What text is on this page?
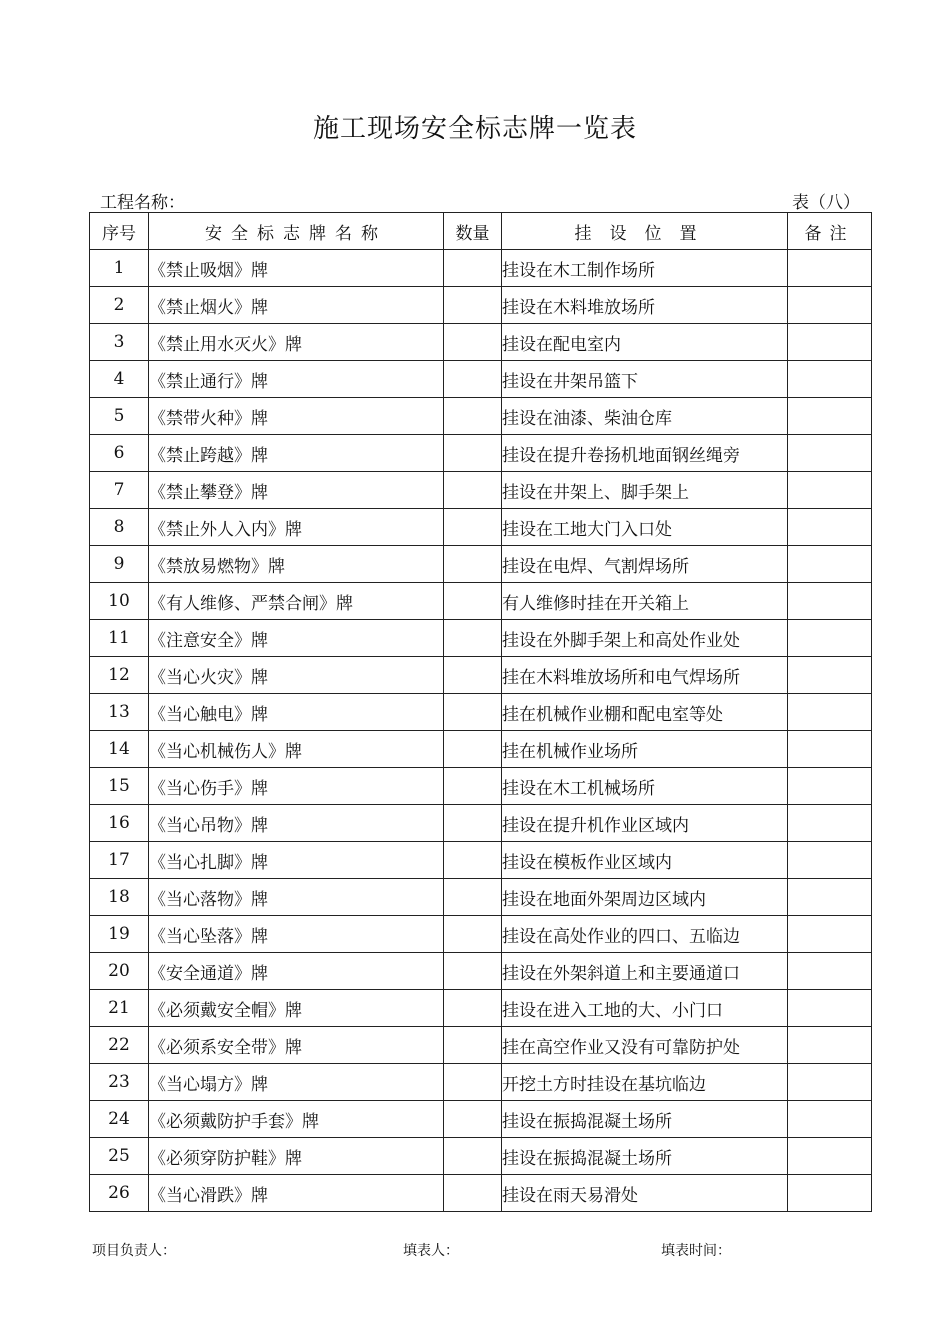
施工现场安全标志牌一览表
工程名称：	表（八）
序号	安全标志牌名称	数量	挂设位置	备注
1	《禁止吸烟》牌		挂设在木工制作场所	
2	《禁止烟火》牌		挂设在木料堆放场所	
3	《禁止用水灭火》牌		挂设在配电室内	
4	《禁止通行》牌		挂设在井架吊篮下	
5	《禁带火种》牌		挂设在油漆、柴油仓库	
6	《禁止跨越》牌		挂设在提升卷扬机地面钢丝绳旁	
7	《禁止攀登》牌		挂设在井架上、脚手架上	
8	《禁止外人入内》牌		挂设在工地大门入口处	
9	《禁放易燃物》牌		挂设在电焊、气割焊场所	
10	《有人维修、严禁合闸》牌		有人维修时挂在开关箱上	
11	《注意安全》牌		挂设在外脚手架上和高处作业处	
12	《当心火灾》牌		挂在木料堆放场所和电气焊场所	
13	《当心触电》牌		挂在机械作业棚和配电室等处	
14	《当心机械伤人》牌		挂在机械作业场所	
15	《当心伤手》牌		挂设在木工机械场所	
16	《当心吊物》牌		挂设在提升机作业区域内	
17	《当心扎脚》牌		挂设在模板作业区域内	
18	《当心落物》牌		挂设在地面外架周边区域内	
19	《当心坠落》牌		挂设在高处作业的四口、五临边	
20	《安全通道》牌		挂设在外架斜道上和主要通道口	
21	《必须戴安全帽》牌		挂设在进入工地的大、小门口	
22	《必须系安全带》牌		挂在高空作业又没有可靠防护处	
23	《当心塌方》牌		开挖土方时挂设在基坑临边	
24	《必须戴防护手套》牌		挂设在振捣混凝土场所	
25	《必须穿防护鞋》牌		挂设在振捣混凝土场所	
26	《当心滑跌》牌		挂设在雨天易滑处	
项目负责人：	填表人：	填表时间：
